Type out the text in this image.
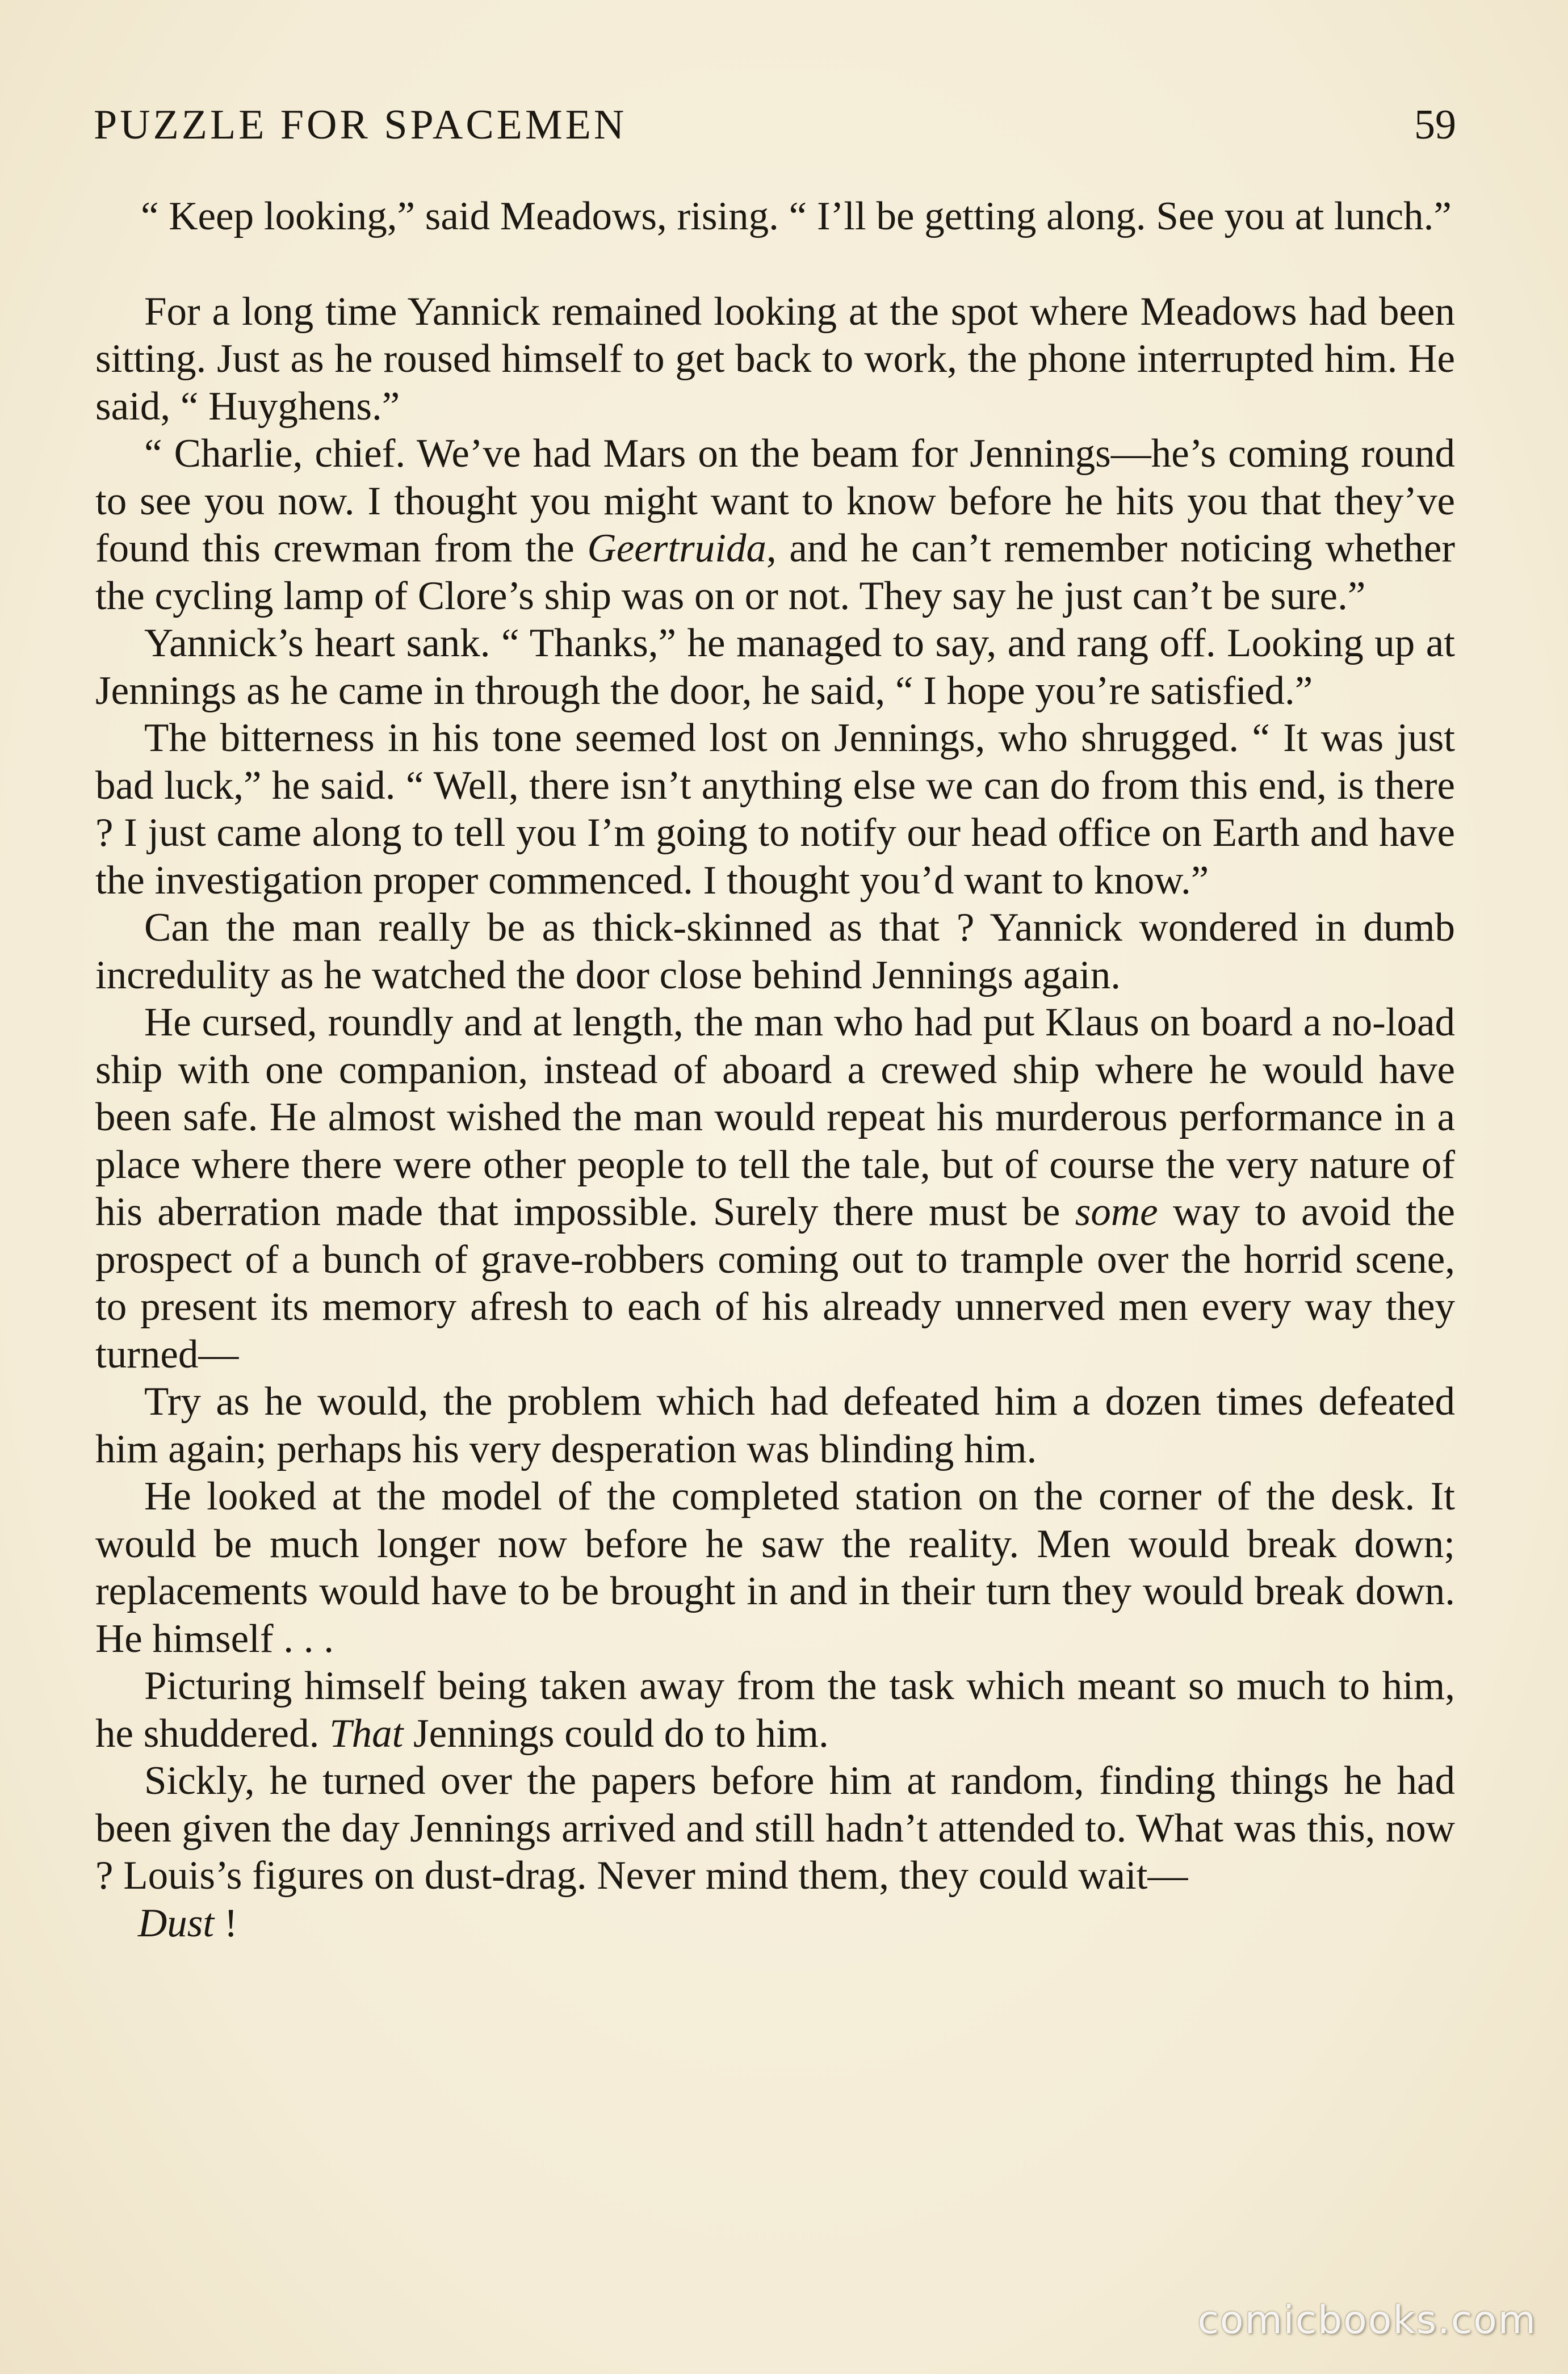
PUZZLE FOR SPACEMEN	59

“ Keep looking,” said Meadows, rising. “ I’ll be getting along. See you at lunch.”

For a long time Yannick remained looking at the spot where Meadows had been sitting. Just as he roused himself to get back to work, the phone interrupted him. He said, “ Huyghens.”

“ Charlie, chief. We’ve had Mars on the beam for Jennings—he’s coming round to see you now. I thought you might want to know before he hits you that they’ve found this crewman from the Geertruida, and he can’t remember noticing whether the cycling lamp of Clore’s ship was on or not. They say he just can’t be sure.”

Yannick’s heart sank. “ Thanks,” he managed to say, and rang off. Looking up at Jennings as he came in through the door, he said, “ I hope you’re satisfied.”

The bitterness in his tone seemed lost on Jennings, who shrugged. “ It was just bad luck,” he said. “ Well, there isn’t anything else we can do from this end, is there ? I just came along to tell you I’m going to notify our head office on Earth and have the investigation proper commenced. I thought you’d want to know.”

Can the man really be as thick-skinned as that ? Yannick wondered in dumb incredulity as he watched the door close behind Jennings again.

He cursed, roundly and at length, the man who had put Klaus on board a no-load ship with one companion, instead of aboard a crewed ship where he would have been safe. He almost wished the man would repeat his murderous performance in a place where there were other people to tell the tale, but of course the very nature of his aberration made that impossible. Surely there must be some way to avoid the prospect of a bunch of grave-robbers coming out to trample over the horrid scene, to present its memory afresh to each of his already unnerved men every way they turned—

Try as he would, the problem which had defeated him a dozen times defeated him again; perhaps his very desperation was blinding him.

He looked at the model of the completed station on the corner of the desk. It would be much longer now before he saw the reality. Men would break down; replacements would have to be brought in and in their turn they would break down. He himself . . .

Picturing himself being taken away from the task which meant so much to him, he shuddered. That Jennings could do to him.

Sickly, he turned over the papers before him at random, finding things he had been given the day Jennings arrived and still hadn’t attended to. What was this, now ? Louis’s figures on dust-drag. Never mind them, they could wait—

Dust !

comicbooks.com
